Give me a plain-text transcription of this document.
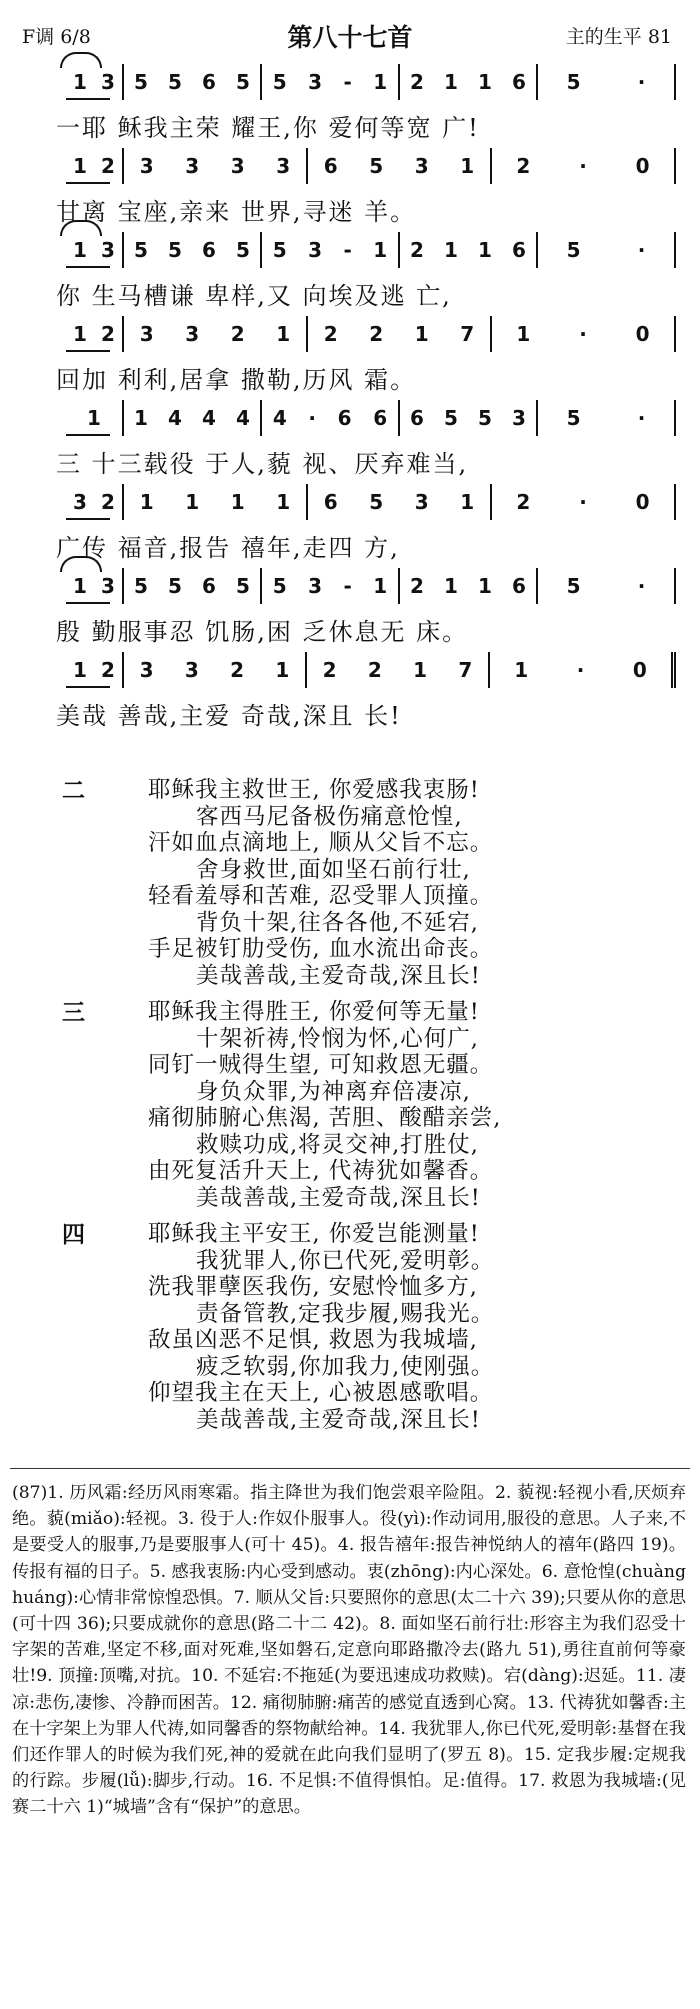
F调 6/8	第八十七首	主的生平 81
1 3 5 5 6 5 5 3 - 1 2 1 1 6 5	·
一耶 稣我主荣 耀王,你 爱何等宽 广!
1 2 3 3 3 3 6 5 3 1 2 · 0
甘离 宝座,亲来 世界,寻迷 羊。
1 3 5 5 6 5 5 3 - 1 2 1 1 6 5	·
你 生马槽谦 卑样,又 向埃及逃 亡,
1 2 3 3 2 1 2 2 1 7 1 · 0
回加 利利,居拿 撒勒,历风 霜。
1 1 4 4 4 4 · 6 6 6 5 5 3 5	·
三 十三载役 于人,藐 视、厌弃难当,
3 2 1 1 1 1 6 5 3 1 2 · 0
广传 福音,报告 禧年,走四 方,
1 3 5 5 6 5 5 3 - 1 2 1 1 6 5	·
殷 勤服事忍 饥肠,困 乏休息无 床。
1 2 3 3 2 1 2 2 1 7 1 · 0
美哉 善哉,主爱 奇哉,深且 长!
二	耶稣我主救世王, 你爱感我衷肠!
客西马尼备极伤痛意怆惶,
汗如血点滴地上, 顺从父旨不忘。
舍身救世,面如坚石前行壮,
轻看羞辱和苦难, 忍受罪人顶撞。
背负十架,往各各他,不延宕,
手足被钉肋受伤, 血水流出命丧。
美哉善哉,主爱奇哉,深且长!
三	耶稣我主得胜王, 你爱何等无量!
十架祈祷,怜悯为怀,心何广,
同钉一贼得生望, 可知救恩无疆。
身负众罪,为神离弃倍凄凉,
痛彻肺腑心焦渴, 苦胆、酸醋亲尝,
救赎功成,将灵交神,打胜仗,
由死复活升天上, 代祷犹如馨香。
美哉善哉,主爱奇哉,深且长!
四	耶稣我主平安王, 你爱岂能测量!
我犹罪人,你已代死,爱明彰。
洗我罪孽医我伤, 安慰怜恤多方,
责备管教,定我步履,赐我光。
敌虽凶恶不足惧, 救恩为我城墙,
疲乏软弱,你加我力,使刚强。
仰望我主在天上, 心被恩感歌唱。
美哉善哉,主爱奇哉,深且长!
(87)1. 历风霜:经历风雨寒霜。指主降世为我们饱尝艰辛险阻。2. 藐视:轻视小看,厌烦弃绝。藐(miǎo):轻视。3. 役于人:作奴仆服事人。役(yì):作动词用,服役的意思。人子来,不是要受人的服事,乃是要服事人(可十 45)。4. 报告禧年:报告神悦纳人的禧年(路四 19)。传报有福的日子。5. 感我衷肠:内心受到感动。衷(zhōng):内心深处。6. 意怆惶(chuàng huáng):心情非常惊惶恐惧。7. 顺从父旨:只要照你的意思(太二十六 39);只要从你的意思(可十四 36);只要成就你的意思(路二十二 42)。8. 面如坚石前行壮:形容主为我们忍受十字架的苦难,坚定不移,面对死难,坚如磐石,定意向耶路撒冷去(路九 51),勇往直前何等豪壮!9. 顶撞:顶嘴,对抗。10. 不延宕:不拖延(为要迅速成功救赎)。宕(dàng):迟延。11. 凄凉:悲伤,凄惨、冷静而困苦。12. 痛彻肺腑:痛苦的感觉直透到心窝。13. 代祷犹如馨香:主在十字架上为罪人代祷,如同馨香的祭物献给神。14. 我犹罪人,你已代死,爱明彰:基督在我们还作罪人的时候为我们死,神的爱就在此向我们显明了(罗五 8)。15. 定我步履:定规我的行踪。步履(lǚ):脚步,行动。16. 不足惧:不值得惧怕。足:值得。17. 救恩为我城墙:(见赛二十六 1)“城墙”含有“保护”的意思。
